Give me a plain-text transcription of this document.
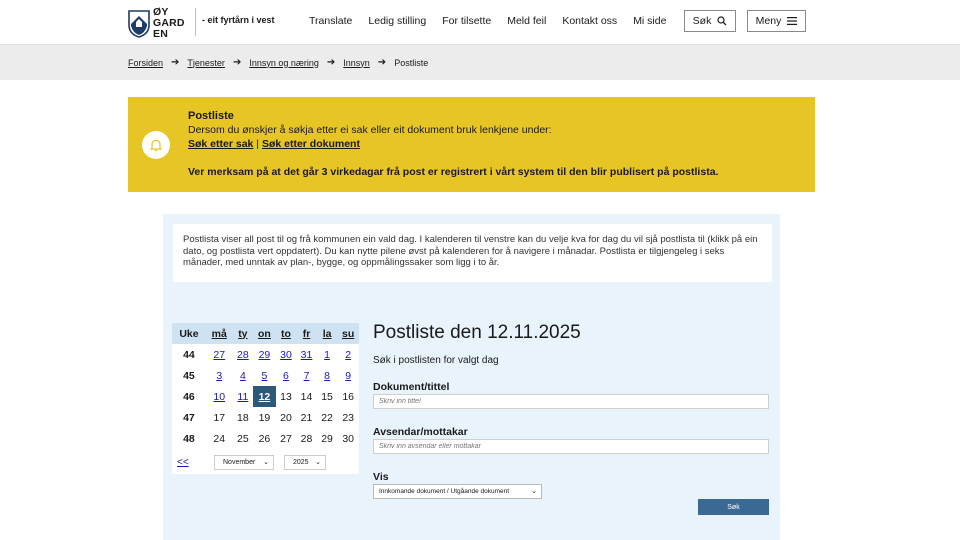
ØY
GARD
EN
- eit fyrtårn i vest	Translate Ledig stilling For tilsette Meld feil Kontakt oss Mi side Søk	Meny
Forsiden ➔ Tjenester ➔ Innsyn og næring ➔ Innsyn ➔ Postliste
Postliste
Dersom du ønskjer å søkja etter ei sak eller eit dokument bruk lenkjene under:
Søk etter sak | Søk etter dokument
Ver merksam på at det går 3 virkedagar frå post er registrert i vårt system til den blir publisert på postlista.
Postlista viser all post til og frå kommunen ein vald dag. I kalenderen til venstre kan du velje kva for dag du vil sjå postlista til (klikk på ein dato, og postlista vert oppdatert). Du kan nytte pilene øvst på kalenderen for å navigere i månadar. Postlista er tilgjengeleg i seks månader, med unntak av plan-, bygge, og oppmålingssaker som ligg i to år.
Uke	må	ty	on	to	fr	la	su
44	27	28	29	30	31	1	2
45	3	4	5	6	7	8	9
46	10	11	12	13	14	15	16
47	17	18	19	20	21	22	23
48	24	25	26	27	28	29	30
<<	November ⌄	2025 ⌄
Postliste den 12.11.2025
Søk i postlisten for valgt dag
Dokument/tittel
Skriv inn tittel
Avsendar/mottakar
Skriv inn avsendar eller mottakar
Vis
Innkomande dokument / Utgåande dokument	⌄
Søk
